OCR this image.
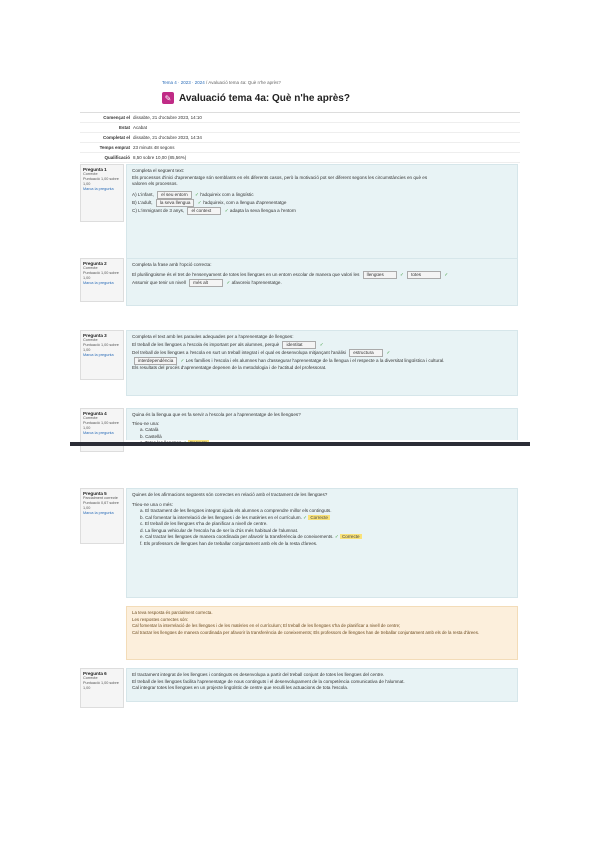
Tema 4 · 2023 · 2024 / Avaluació tema 4a: Què n'he après?
✎ Avaluació tema 4a: Què n'he après?
Començat el dissabte, 21 d'octubre 2023, 14:10
Estat Acabat
Completat el dissabte, 21 d'octubre 2023, 14:34
Temps emprat 23 minuts 48 segons
Qualificació 8,50 sobre 10,00 (85,56%)
Pregunta 1
Correcte
Puntuació 1,00 sobre 1,00
Marca la pregunta
Completa el següent text:
Els processos d'inici d'aprenentatge són semblants en els diferents casos, però la motivació pot ser diferent segons les circumstàncies en què es
valoren els processos.
A) L'infant, el seu entorn ✓ l'adquireix com a lingüístic
B) L'adult, la seva llengua ✓ l'adquireix, com a llengua d'aprenentatge
C) L'immigrant de 3 anys, el context	✓ adapta la seva llengua a l'entorn
Pregunta 2
Correcte
Puntuació 1,00 sobre 1,00
Marca la pregunta
Completa la frase amb l'opció correcta:
El plurilingüisme és el tret de l'ensenyament de totes les llengües en un entorn escolar de manera que valori les llengües	✓ totes	✓
Assumir que tenir un nivell més alt	✓ afavoreix l'aprenentatge.
Pregunta 3
Correcte
Puntuació 1,00 sobre 1,00
Marca la pregunta
Completa el text amb les paraules adequades per a l'aprenentatge de llengües:
El treball de les llengües a l'escola és important per als alumnes, perquè identitat	✓
Del treball de les llengües a l'escola en surt un treball integrat i el qual es desenvolupa mitjançant l'anàlisi estructura	✓
interdependència ✓ Les famílies i l'escola i els alumnes han d'assegurar l'aprenentatge de la llengua i el respecte a la diversitat lingüística i cultural.
Els resultats del procés d'aprenentatge depenen de la metodologia i de l'actitud del professorat.
Pregunta 4
Correcte
Puntuació 1,00 sobre 1,00
Marca la pregunta
Quina és la llengua que es fa servir a l'escola per a l'aprenentatge de les llengües?
Trieu-ne una:
a. Català
b. Castellà
Pregunta 5
Parcialment correcte
Puntuació 0,67 sobre 1,00
Marca la pregunta
Quines de les afirmacions següents són correctes en relació amb el tractament de les llengües?
Trieu-ne una o més:
a. El tractament de les llengües integrat ajuda els alumnes a comprendre millor els continguts.
b. Cal fomentar la interrelació de les llengües i de les matèries en el currículum. ✓ Correcte
c. El treball de les llengües s'ha de planificar a nivell de centre.
d. La llengua vehicular de l'escola ha de ser la d'ús més habitual de l'alumnat.
e. Cal tractar les llengües de manera coordinada per afavorir la transferència de coneixements. ✓ Correcte
f. Els professors de llengües han de treballar conjuntament amb els de la resta d'àrees.
La teva resposta és parcialment correcta.
Les respostes correctes són:
Cal fomentar la interrelació de les llengües i de les matèries en el currículum; El treball de les llengües s'ha de planificar a nivell de centre;
Cal tractar les llengües de manera coordinada per afavorir la transferència de coneixements; Els professors de llengües han de treballar conjuntament amb els de la resta d'àrees.
Pregunta 6
Correcte
Puntuació 1,00 sobre 1,00
El tractament integrat de les llengües i continguts es desenvolupa a partir del treball conjunt de totes les llengües del centre.
El treball de les llengües facilita l'aprenentatge de nous continguts i el desenvolupament de la competència comunicativa de l'alumnat.
Cal integrar totes les llengües en un projecte lingüístic de centre que reculli les actuacions de tota l'escola.
